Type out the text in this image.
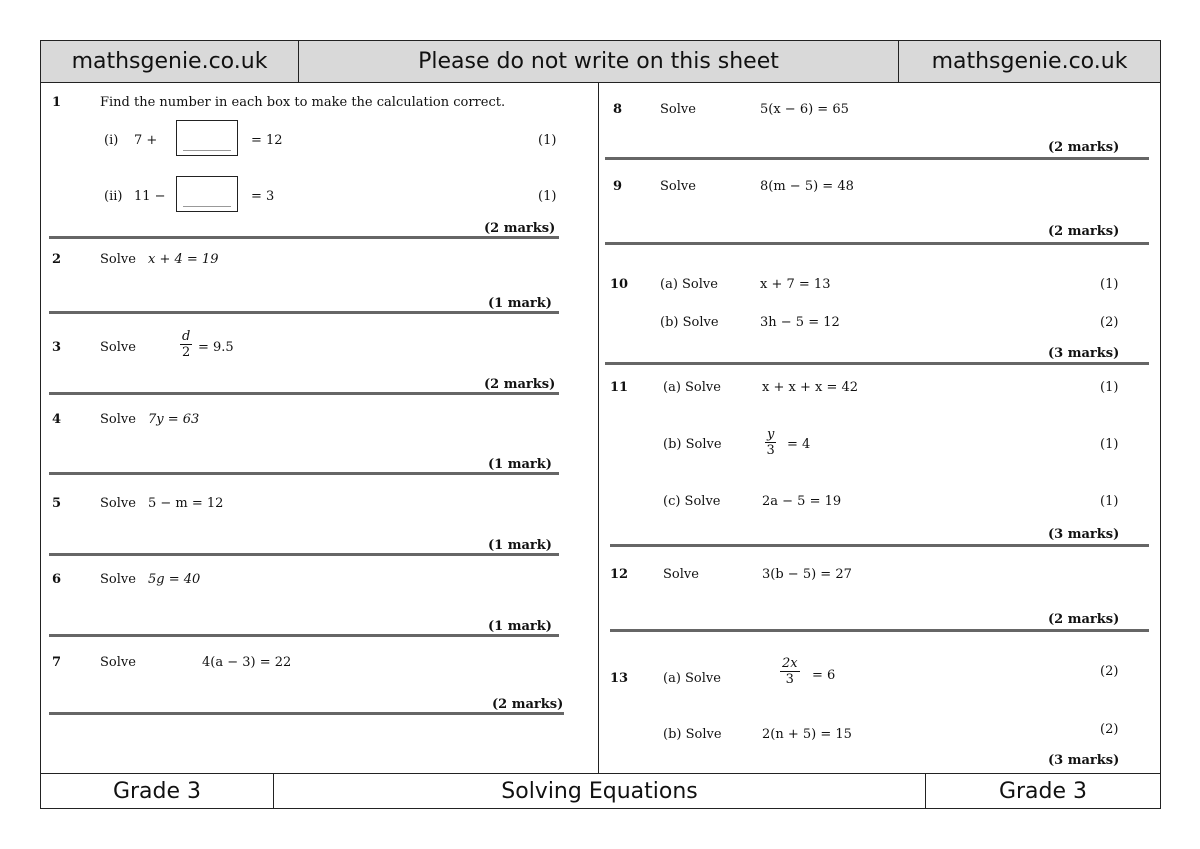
mathsgenie.co.uk	Please do not write on this sheet	mathsgenie.co.uk
Grade 3	Solving Equations	Grade 3
1	Find the number in each box to make the calculation correct.
(i) 7 +	= 12	(1)
(ii) 11 −	= 3	(1)
(2 marks)
2	Solve x + 4 = 19
(1 mark)
3	Solve	$\frac{d}{2} = 9.5$
(2 marks)
4	Solve 7y = 63
(1 mark)
5	Solve 5 − m = 12
(1 mark)
6	Solve 5g = 40
(1 mark)
7	Solve	4(a − 3) = 22
(2 marks)
8	Solve	5(x − 6) = 65
(2 marks)
9	Solve	8(m − 5) = 48
(2 marks)
10 (a) Solve	x + 7 = 13	(1)
(b) Solve	3h − 5 = 12	(2)
(3 marks)
11	(a) Solve	x + x + x = 42	(1)
(b) Solve	$\frac{y}{3} = 4$	(1)
(c) Solve	2a − 5 = 19	(1)
(3 marks)
12	Solve	3(b − 5) = 27
(2 marks)
13	(a) Solve	$\frac{2x}{3} = 6$	(2)
(b) Solve	2(n + 5) = 15	(2)
(3 marks)
